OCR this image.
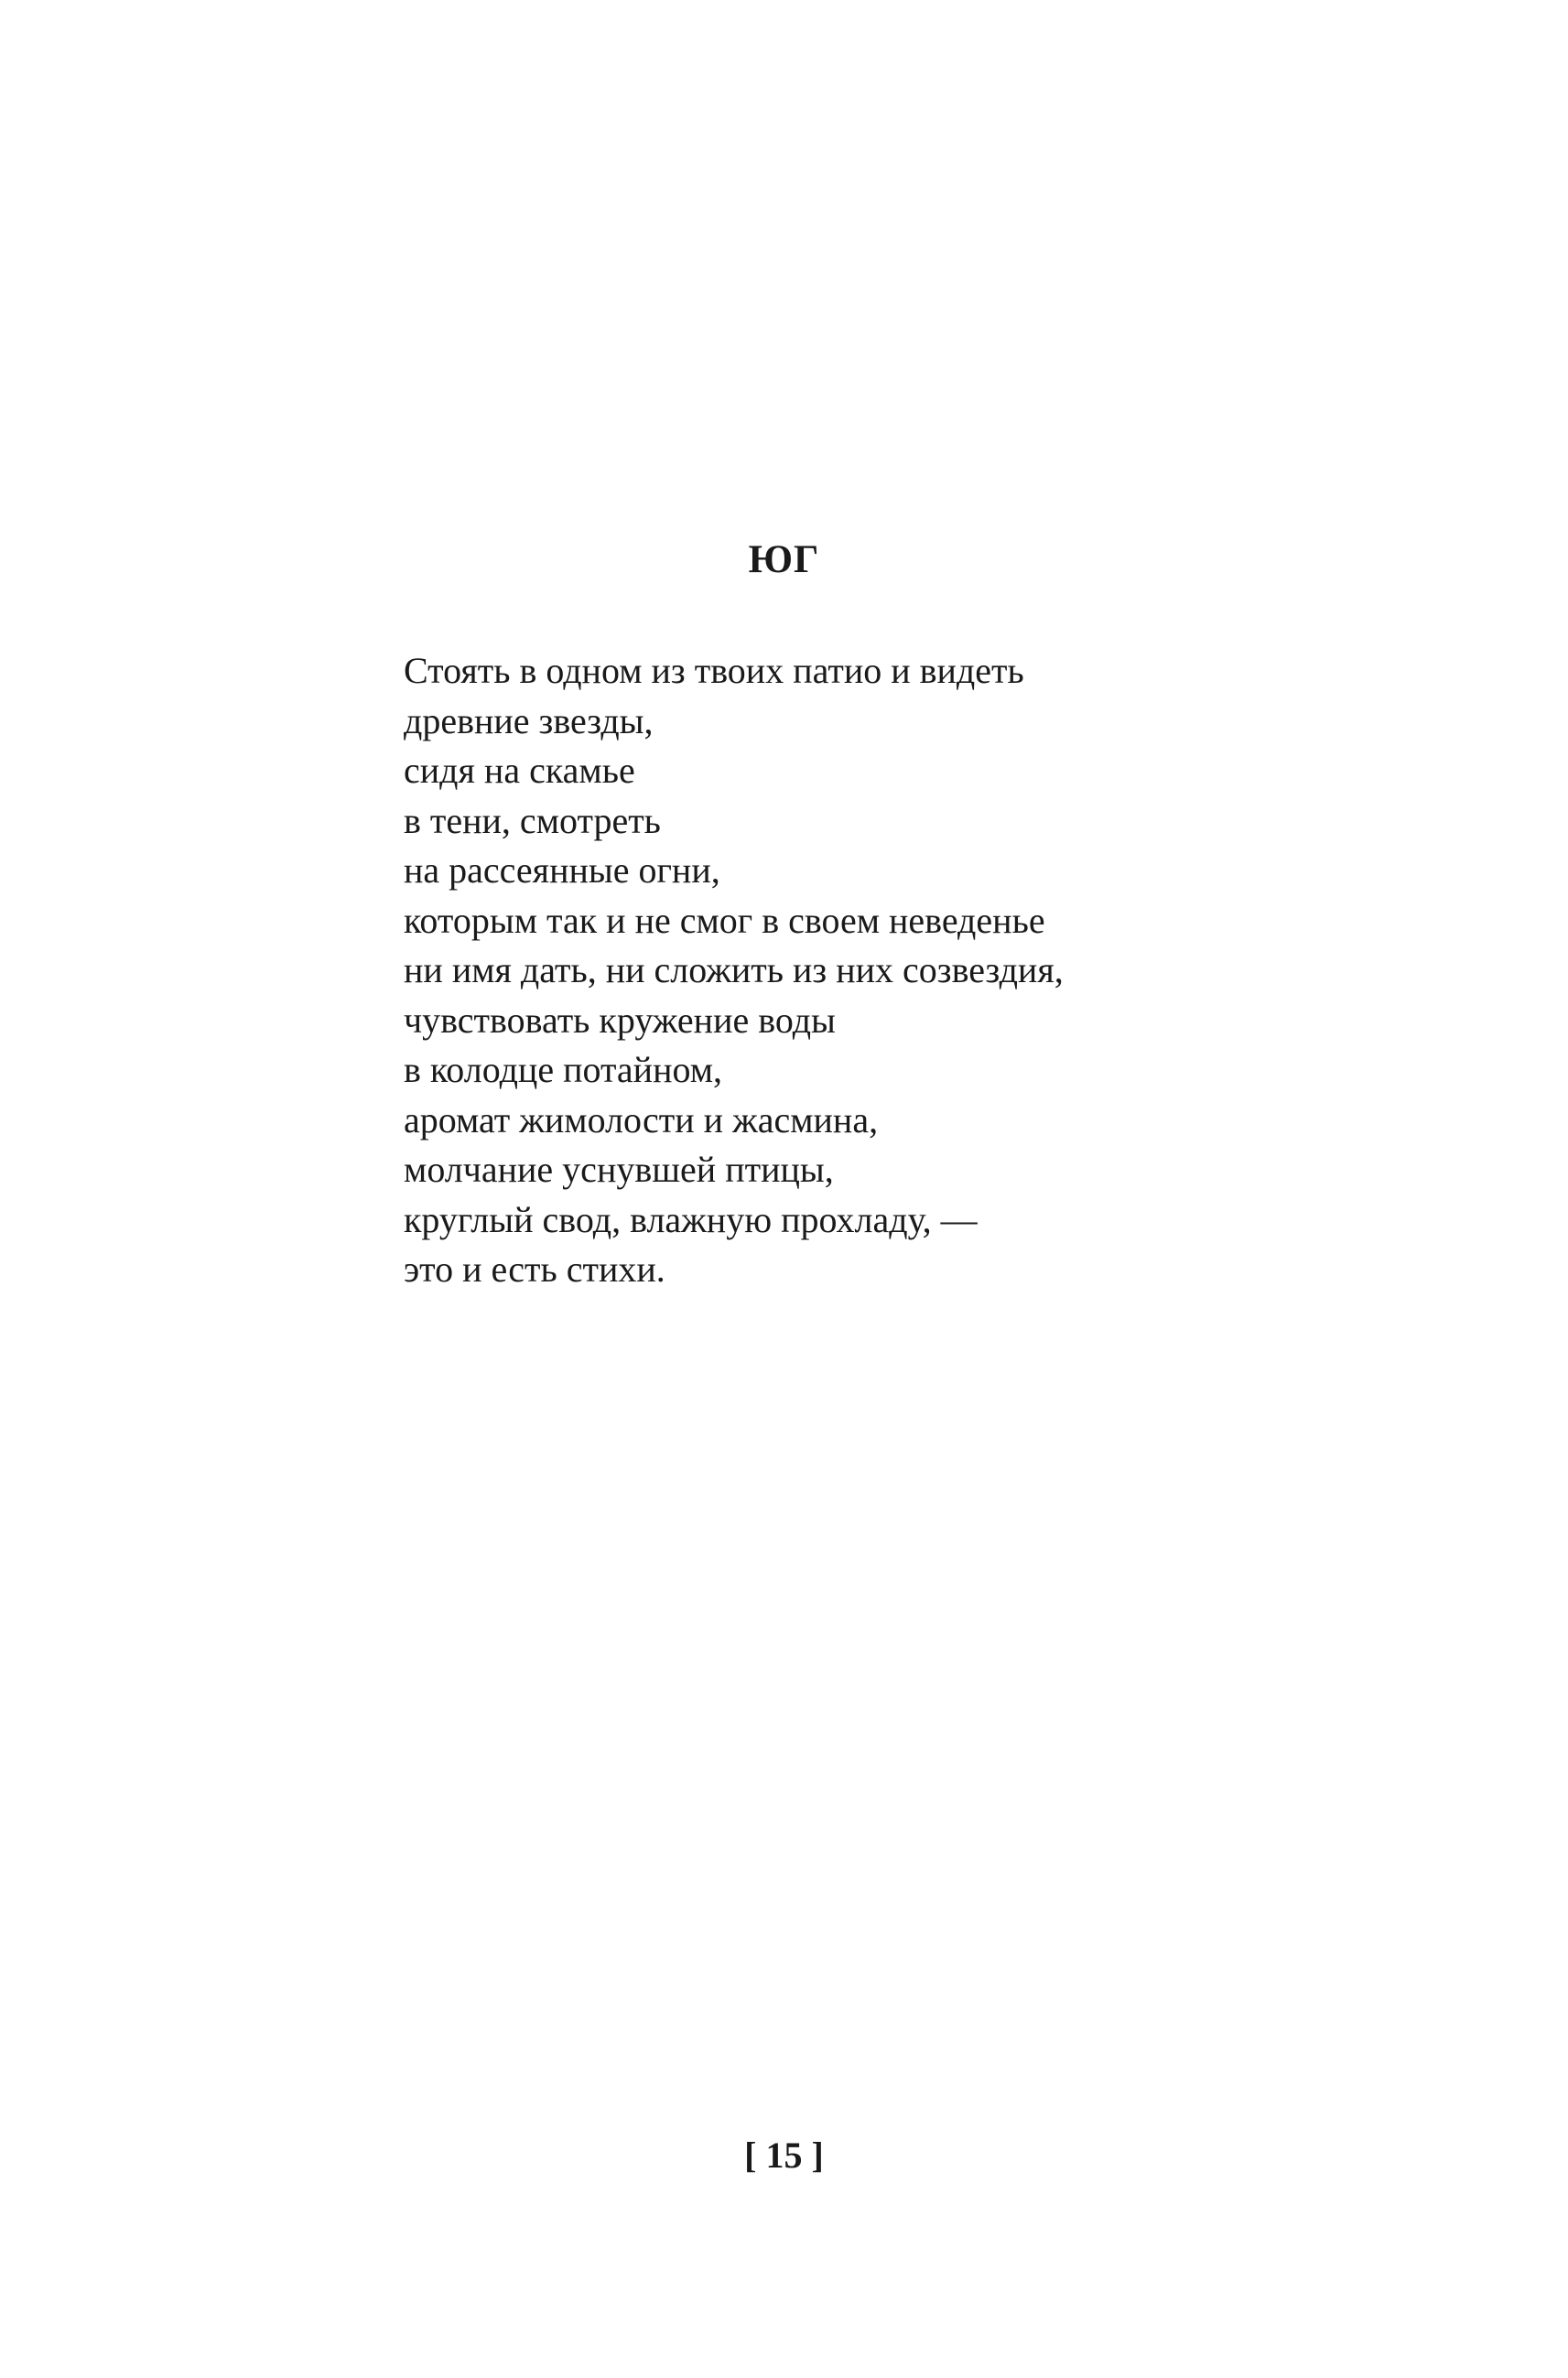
ЮГ
Стоять в одном из твоих патио и видеть
древние звезды,
сидя на скамье
в тени, смотреть
на рассеянные огни,
которым так и не смог в своем неведенье
ни имя дать, ни сложить из них созвездия,
чувствовать кружение воды
в колодце потайном,
аромат жимолости и жасмина,
молчание уснувшей птицы,
круглый свод, влажную прохладу, —
это и есть стихи.
[ 15 ]
